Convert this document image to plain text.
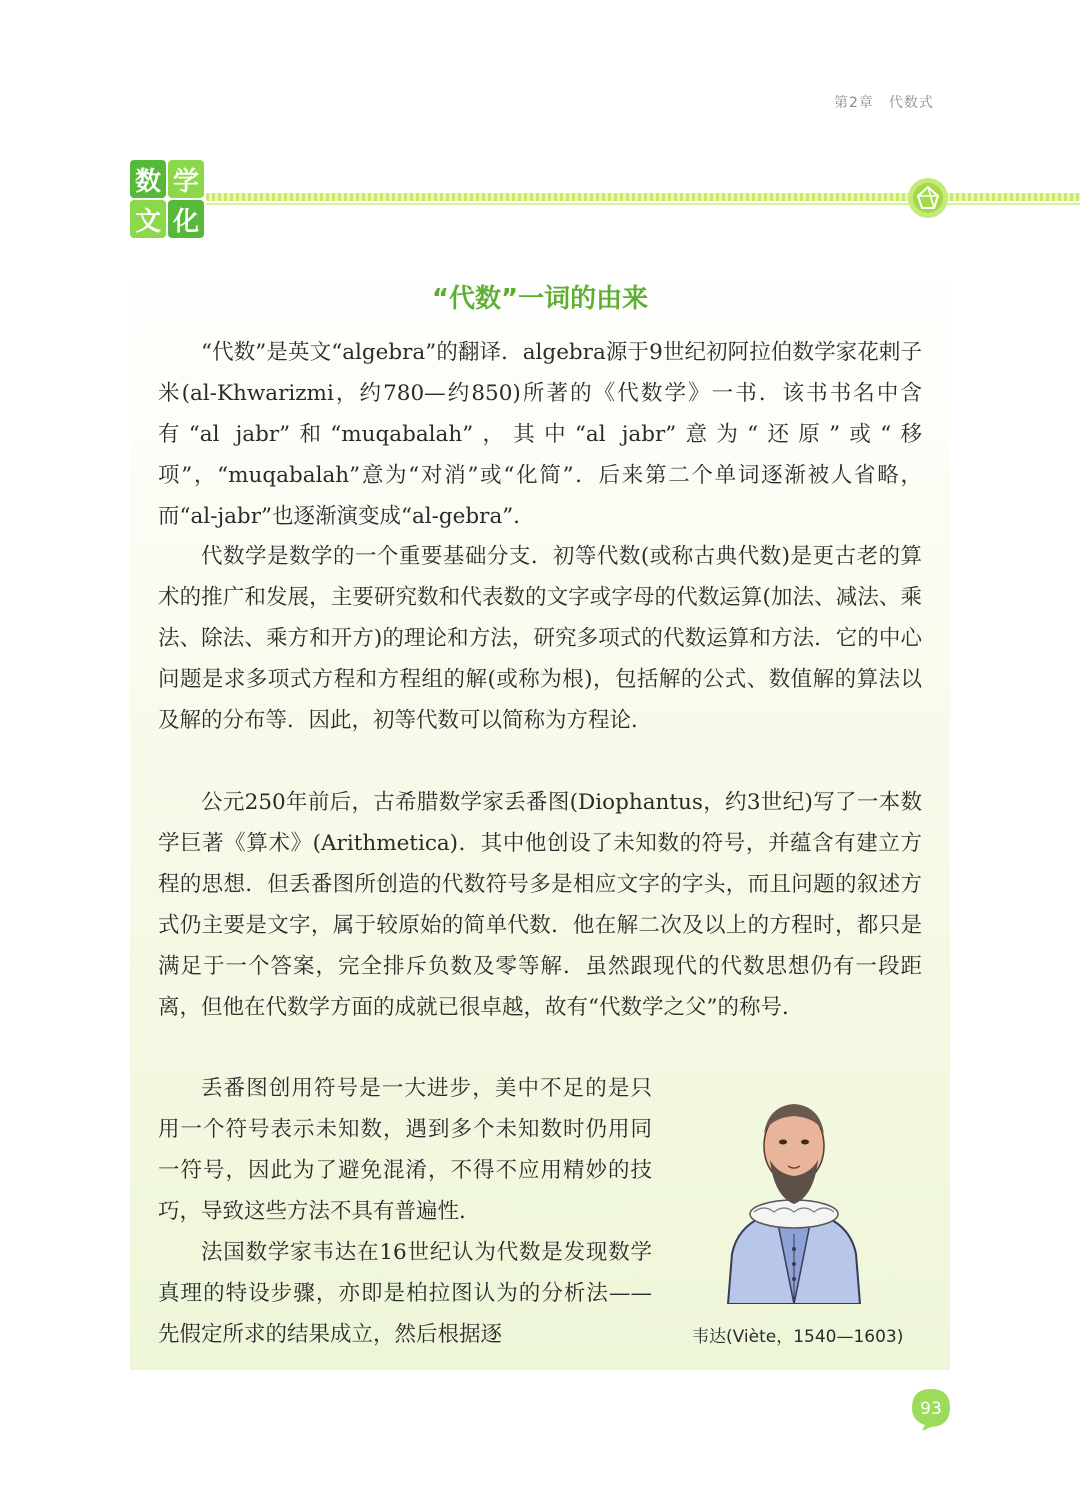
第2章　代数式
数 学
文 化
“代数”一词的由来

“代数”是英文“algebra”的翻译．algebra源于9世纪初阿拉伯数学家花剌子米(al-Khwarizmi，约780—约850)所著的《代数学》一书．该书书名中含有“al jabr”和“muqabalah”，其中“al jabr”意为“还原”或“移项”，“muqabalah”意为“对消”或“化简”．后来第二个单词逐渐被人省略，而“al-jabr”也逐渐演变成“al-gebra”．

代数学是数学的一个重要基础分支．初等代数(或称古典代数)是更古老的算术的推广和发展，主要研究数和代表数的文字或字母的代数运算(加法、减法、乘法、除法、乘方和开方)的理论和方法，研究多项式的代数运算和方法．它的中心问题是求多项式方程和方程组的解(或称为根)，包括解的公式、数值解的算法以及解的分布等．因此，初等代数可以简称为方程论．

公元250年前后，古希腊数学家丢番图(Diophantus，约3世纪)写了一本数学巨著《算术》(Arithmetica)．其中他创设了未知数的符号，并蕴含有建立方程的思想．但丢番图所创造的代数符号多是相应文字的字头，而且问题的叙述方式仍主要是文字，属于较原始的简单代数．他在解二次及以上的方程时，都只是满足于一个答案，完全排斥负数及零等解．虽然跟现代的代数思想仍有一段距离，但他在代数学方面的成就已很卓越，故有“代数学之父”的称号．

丢番图创用符号是一大进步，美中不足的是只用一个符号表示未知数，遇到多个未知数时仍用同一符号，因此为了避免混淆，不得不应用精妙的技巧，导致这些方法不具有普遍性．

法国数学家韦达在16世纪认为代数是发现数学真理的特设步骤，亦即是柏拉图认为的分析法——先假定所求的结果成立，然后根据逐	韦达(Viète，1540—1603)
93
